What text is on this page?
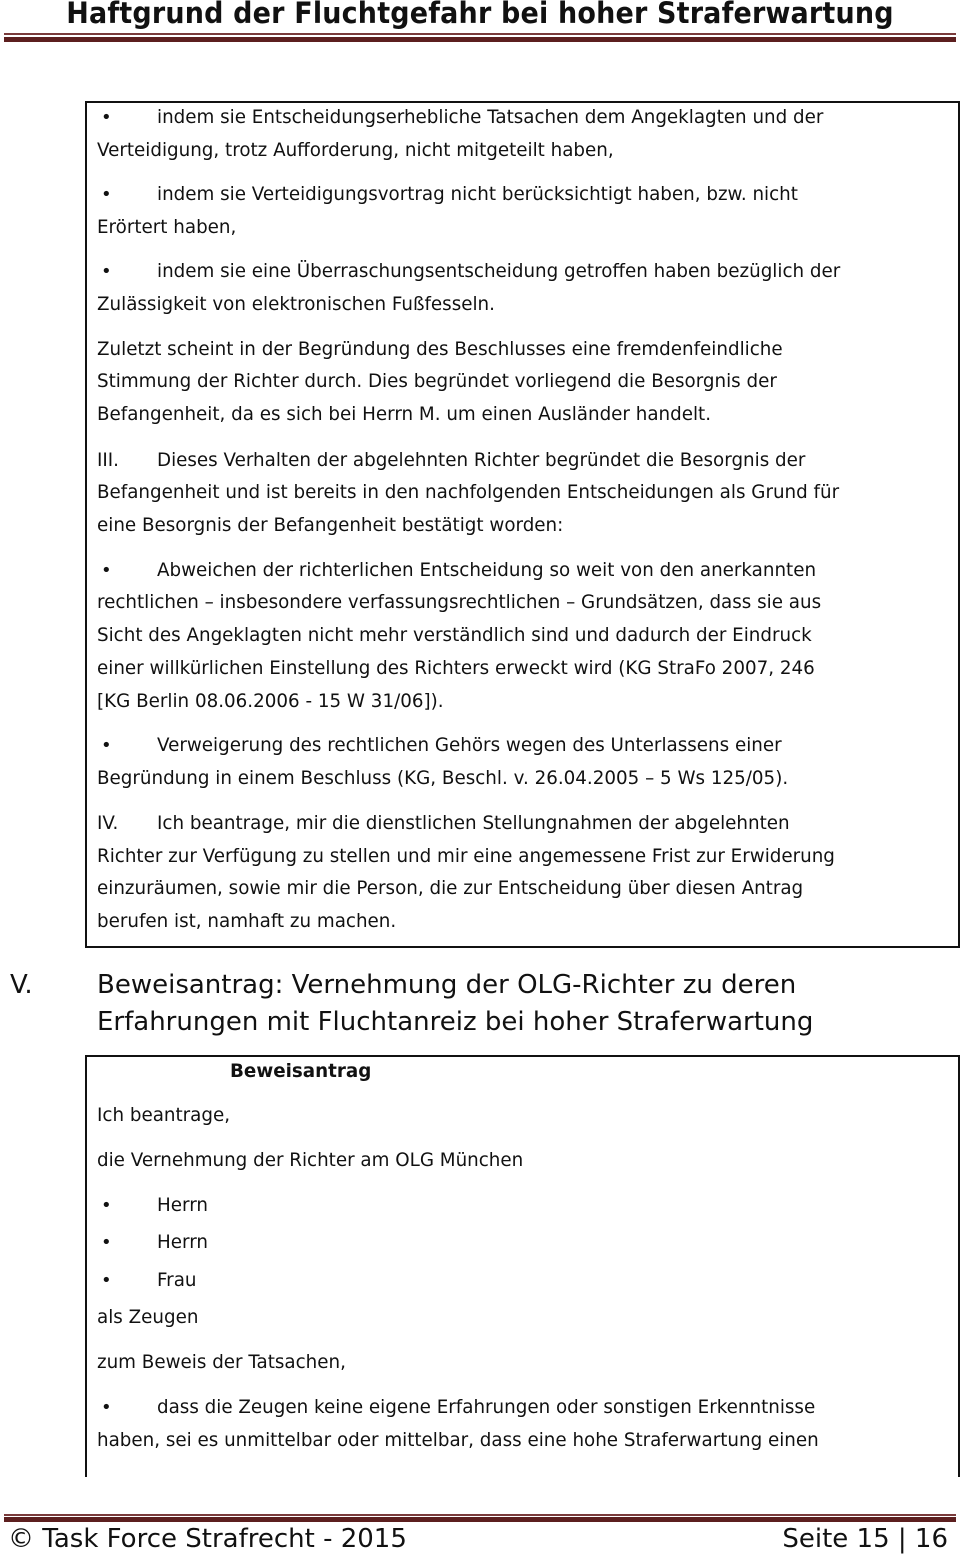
Haftgrund der Fluchtgefahr bei hoher Straferwartung
• indem sie Entscheidungserhebliche Tatsachen dem Angeklagten und der
Verteidigung, trotz Aufforderung, nicht mitgeteilt haben,
• indem sie Verteidigungsvortrag nicht berücksichtigt haben, bzw. nicht
Erörtert haben,
• indem sie eine Überraschungsentscheidung getroffen haben bezüglich der
Zulässigkeit von elektronischen Fußfesseln.
Zuletzt scheint in der Begründung des Beschlusses eine fremdenfeindliche
Stimmung der Richter durch. Dies begründet vorliegend die Besorgnis der
Befangenheit, da es sich bei Herrn M. um einen Ausländer handelt.
III. Dieses Verhalten der abgelehnten Richter begründet die Besorgnis der
Befangenheit und ist bereits in den nachfolgenden Entscheidungen als Grund für
eine Besorgnis der Befangenheit bestätigt worden:
• Abweichen der richterlichen Entscheidung so weit von den anerkannten
rechtlichen – insbesondere verfassungsrechtlichen – Grundsätzen, dass sie aus
Sicht des Angeklagten nicht mehr verständlich sind und dadurch der Eindruck
einer willkürlichen Einstellung des Richters erweckt wird (KG StraFo 2007, 246
[KG Berlin 08.06.2006 - 15 W 31/06]).
• Verweigerung des rechtlichen Gehörs wegen des Unterlassens einer
Begründung in einem Beschluss (KG, Beschl. v. 26.04.2005 – 5 Ws 125/05).
IV. Ich beantrage, mir die dienstlichen Stellungnahmen der abgelehnten
Richter zur Verfügung zu stellen und mir eine angemessene Frist zur Erwiderung
einzuräumen, sowie mir die Person, die zur Entscheidung über diesen Antrag
berufen ist, namhaft zu machen.
V. Beweisantrag: Vernehmung der OLG-Richter zu deren
Erfahrungen mit Fluchtanreiz bei hoher Straferwartung
Beweisantrag
Ich beantrage,
die Vernehmung der Richter am OLG München
• Herrn
• Herrn
• Frau
als Zeugen
zum Beweis der Tatsachen,
• dass die Zeugen keine eigene Erfahrungen oder sonstigen Erkenntnisse
haben, sei es unmittelbar oder mittelbar, dass eine hohe Straferwartung einen
© Task Force Strafrecht - 2015	Seite 15 | 16
